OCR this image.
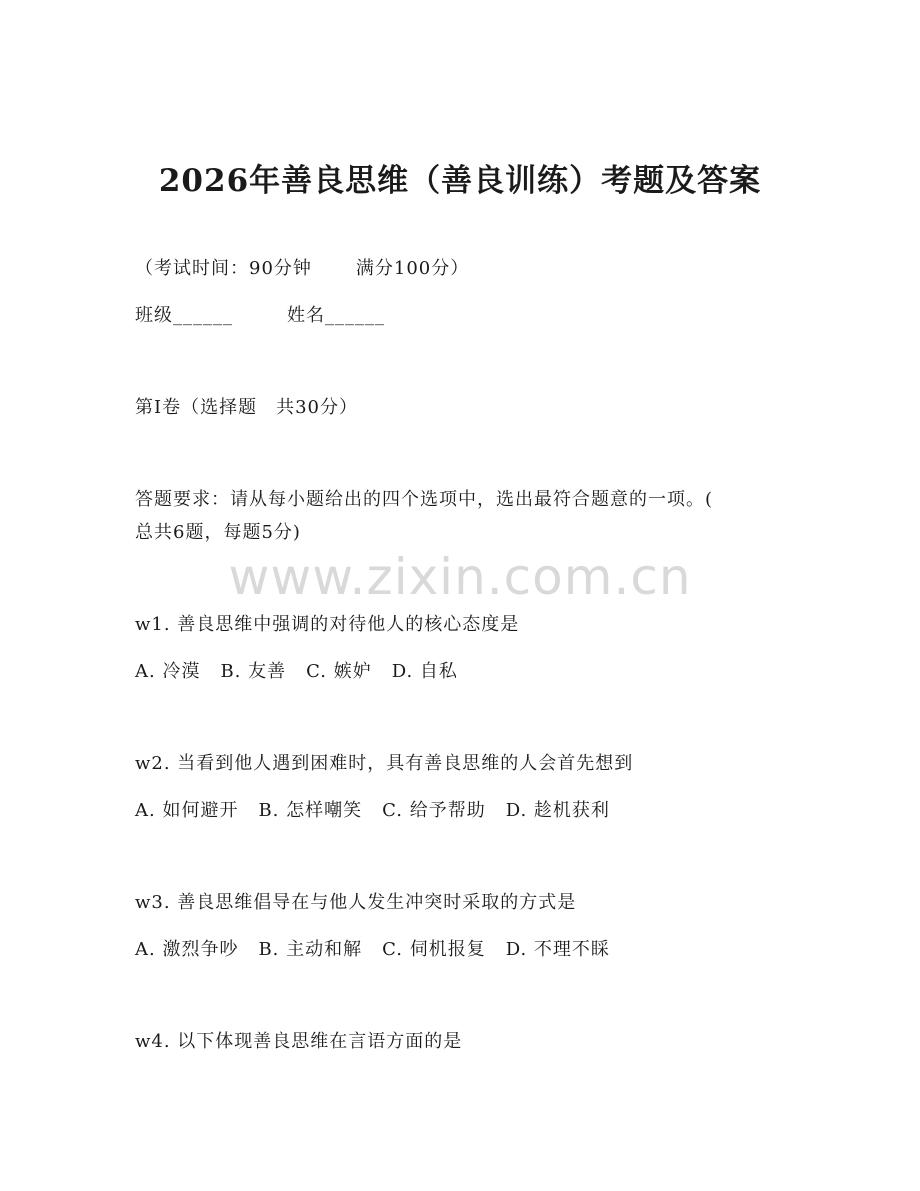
2026年善良思维（善良训练）考题及答案
（考试时间：90分钟 满分100分）
班级______	姓名______
第Ⅰ卷（选择题　共30分）
答题要求：请从每小题给出的四个选项中，选出最符合题意的一项。(
总共6题，每题5分)
www.zixin.com.cn
w1. 善良思维中强调的对待他人的核心态度是
A. 冷漠 B. 友善 C. 嫉妒 D. 自私
w2. 当看到他人遇到困难时，具有善良思维的人会首先想到
A. 如何避开 B. 怎样嘲笑 C. 给予帮助 D. 趁机获利
w3. 善良思维倡导在与他人发生冲突时采取的方式是
A. 激烈争吵 B. 主动和解 C. 伺机报复 D. 不理不睬
w4. 以下体现善良思维在言语方面的是
